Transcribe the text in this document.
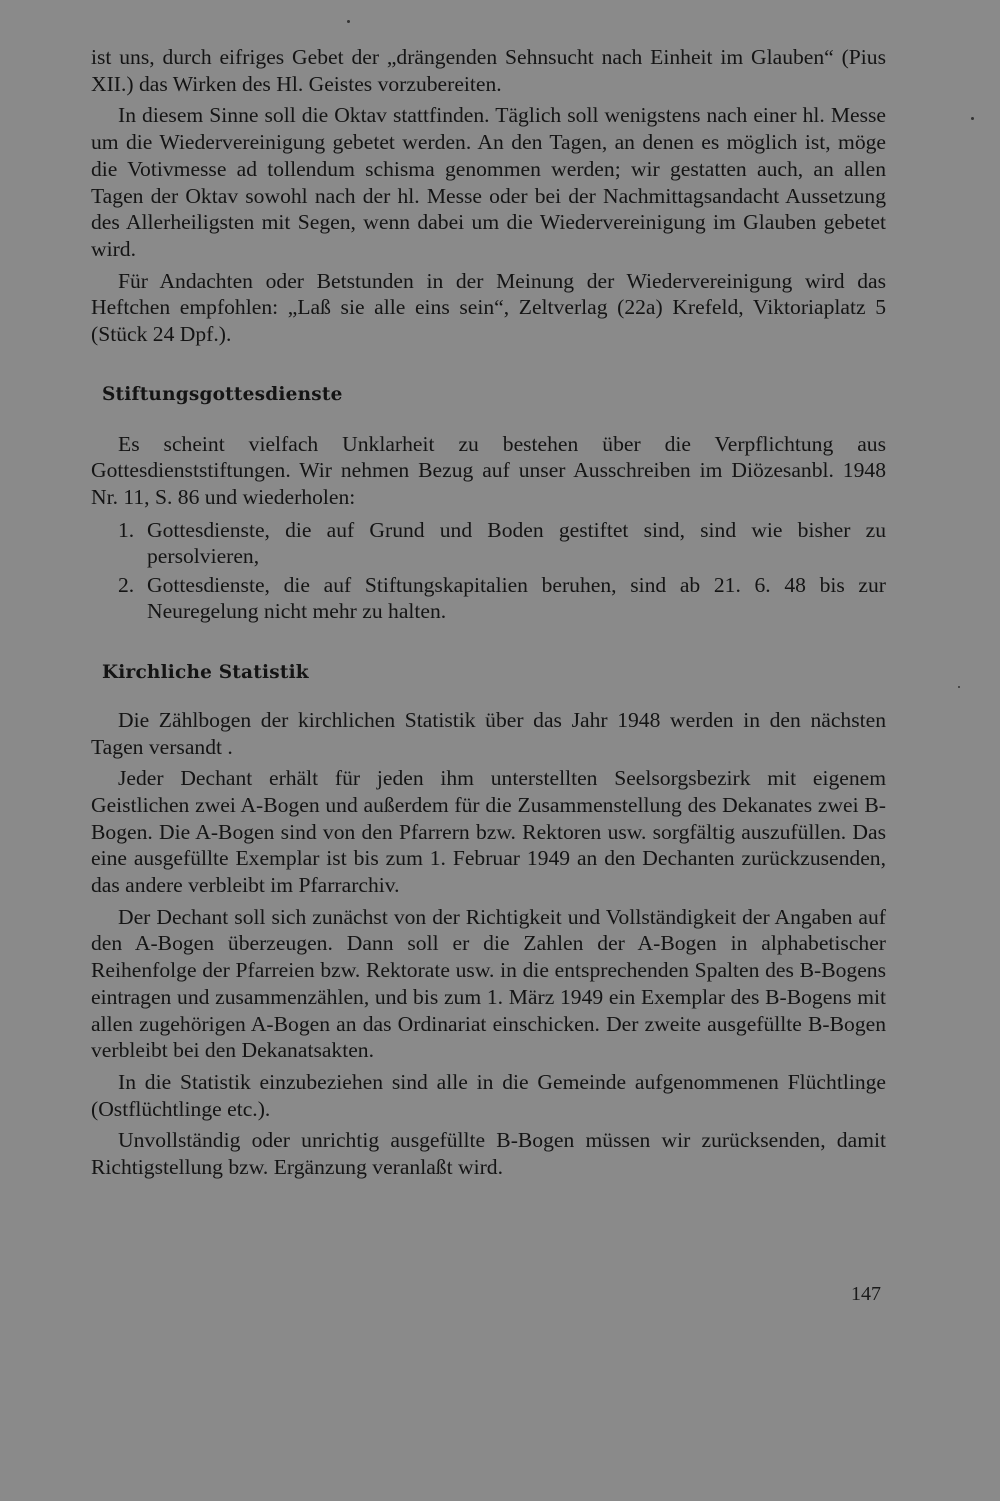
ist uns, durch eifriges Gebet der „drängenden Sehnsucht nach Einheit im Glauben“ (Pius XII.) das Wirken des Hl. Geistes vorzubereiten.

In diesem Sinne soll die Oktav stattfinden. Täglich soll wenigstens nach einer hl. Messe um die Wiedervereinigung gebetet werden. An den Tagen, an denen es möglich ist, möge die Votivmesse ad tollendum schisma genommen werden; wir gestatten auch, an allen Tagen der Oktav sowohl nach der hl. Messe oder bei der Nachmittagsandacht Aussetzung des Allerheiligsten mit Segen, wenn dabei um die Wiedervereinigung im Glauben gebetet wird.

Für Andachten oder Betstunden in der Meinung der Wiedervereinigung wird das Heftchen empfohlen: „Laß sie alle eins sein“, Zeltverlag (22a) Krefeld, Viktoriaplatz 5 (Stück 24 Dpf.).

Stiftungsgottesdienste

Es scheint vielfach Unklarheit zu bestehen über die Verpflichtung aus Gottesdienststiftungen. Wir nehmen Bezug auf unser Ausschreiben im Diözesanbl. 1948 Nr. 11, S. 86 und wiederholen:

1. Gottesdienste, die auf Grund und Boden gestiftet sind, sind wie bisher zu persolvieren,
2. Gottesdienste, die auf Stiftungskapitalien beruhen, sind ab 21. 6. 48 bis zur Neuregelung nicht mehr zu halten.
Kirchliche Statistik

Die Zählbogen der kirchlichen Statistik über das Jahr 1948 werden in den nächsten Tagen versandt .

Jeder Dechant erhält für jeden ihm unterstellten Seelsorgsbezirk mit eigenem Geistlichen zwei A-Bogen und außerdem für die Zusammenstellung des Dekanates zwei B-Bogen. Die A-Bogen sind von den Pfarrern bzw. Rektoren usw. sorgfältig auszufüllen. Das eine ausgefüllte Exemplar ist bis zum 1. Februar 1949 an den Dechanten zurückzusenden, das andere verbleibt im Pfarrarchiv.

Der Dechant soll sich zunächst von der Richtigkeit und Vollständigkeit der Angaben auf den A-Bogen überzeugen. Dann soll er die Zahlen der A-Bogen in alphabetischer Reihenfolge der Pfarreien bzw. Rektorate usw. in die entsprechenden Spalten des B-Bogens eintragen und zusammenzählen, und bis zum 1. März 1949 ein Exemplar des B-Bogens mit allen zugehörigen A-Bogen an das Ordinariat einschicken. Der zweite ausgefüllte B-Bogen verbleibt bei den Dekanatsakten.

In die Statistik einzubeziehen sind alle in die Gemeinde aufgenommenen Flüchtlinge (Ostflüchtlinge etc.).

Unvollständig oder unrichtig ausgefüllte B-Bogen müssen wir zurücksenden, damit Richtigstellung bzw. Ergänzung veranlaßt wird.

147
